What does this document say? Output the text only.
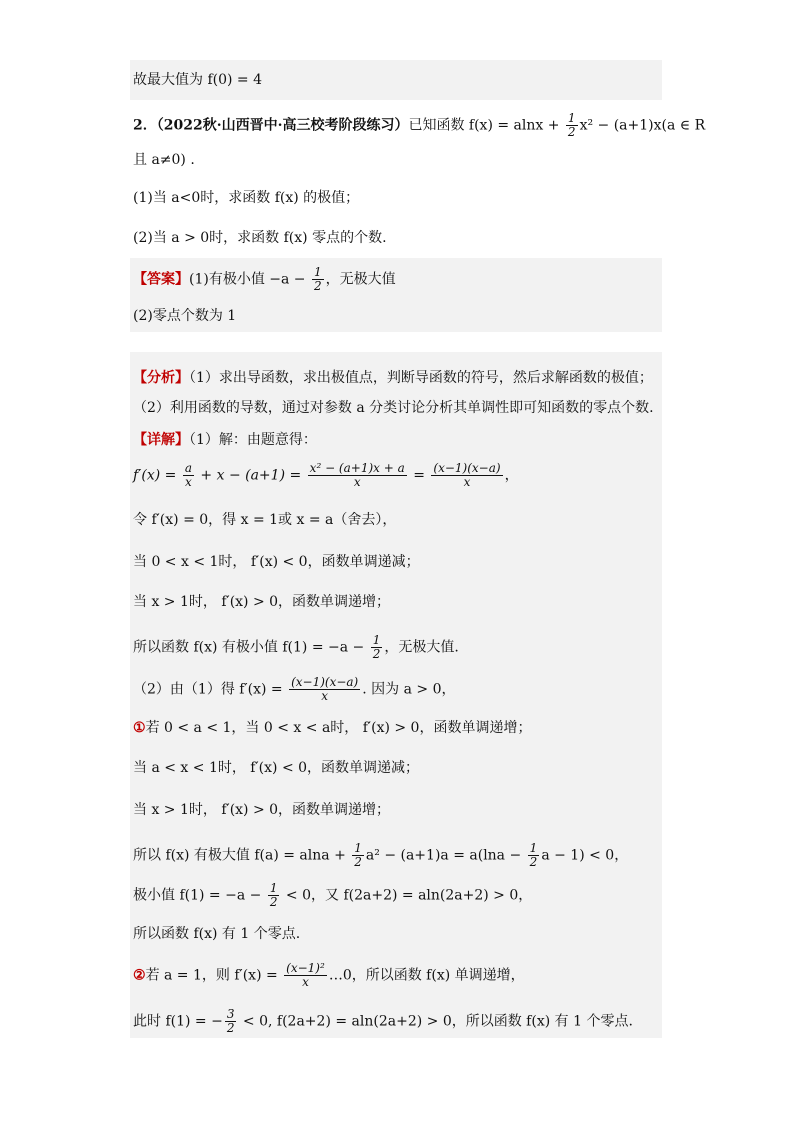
故最大值为 f(0) = 4
2．（2022秋·山西晋中·高三校考阶段练习）已知函数 $f(x) = alnx + \frac{1}{2} x^2 - (a+1)x(a$ ∈ R
且 a≠0) .
(1)当 a<0时，求函数 f(x) 的极值；
(2)当 a > 0时，求函数 f(x) 零点的个数.
【答案】(1)有极小值 $-a - \frac{1}{2}$ ，无极大值
(2)零点个数为 1
【分析】（1）求出导函数，求出极值点，判断导函数的符号，然后求解函数的极值；
（2）利用函数的导数，通过对参数 a 分类讨论分析其单调性即可知函数的零点个数.
【详解】（1）解：由题意得：
$f'(x) = \frac{a}{x} + x - (a+1) = \frac{\text{x² − (a+1)x + a}}{x} = \frac{(x-1)(x-a)}{x}$ ，
令 f′(x) = 0，得 x = 1或 x = a（舍去），
当 0 < x < 1时， f′(x) < 0，函数单调递减；
当 x > 1时， f′(x) > 0，函数单调递增；
所以函数 f(x) 有极小值 $f(1) = -a - \frac{1}{2}$ ，无极大值.
（2）由（1）得 $f'(x) = \frac{(x-1)(x-a)}{x}$ . 因为 a > 0，
①若 0 < a < 1，当 0 < x < a时， f′(x) > 0，函数单调递增；
当 a < x < 1时， f′(x) < 0，函数单调递减；
当 x > 1时， f′(x) > 0，函数单调递增；
所以 f(x) 有极大值 $f(a) = alna + \frac{1}{2} a^2 - (a+1)a = a(\ln a - \frac{1}{2}$ a − 1) < 0，
极小值 $f(1) = -a - \frac{1}{2} < 0$，又 f(2a+2) = aln(2a+2) > 0，
所以函数 f(x) 有 1 个零点.
②若 a = 1，则 $f'(x) = \frac{\text{(x−1)²}}{x}$ …0，所以函数 f(x) 单调递增，
此时 f(1) = − $\frac{3}{2} < 0$, f(2a+2) = aln(2a+2) > 0，所以函数 f(x) 有 1 个零点.
